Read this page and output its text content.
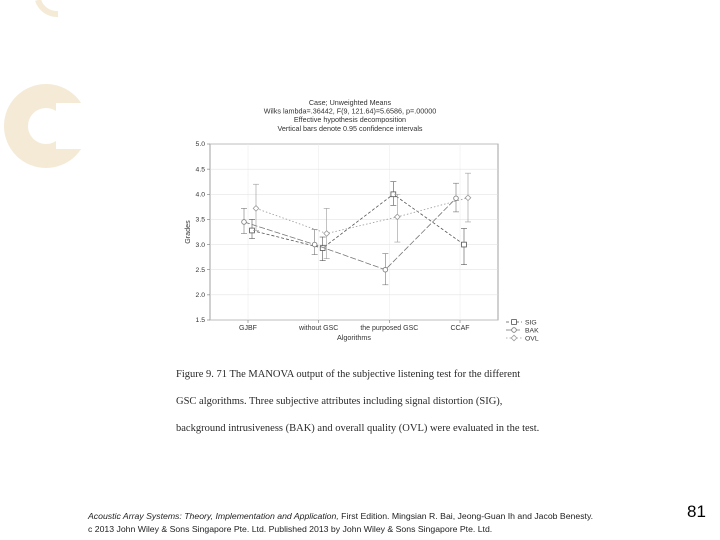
Case; Unweighted Means
Wilks lambda=.36442, F(9, 121.64)=5.6586, p=.00000
Effective hypothesis decomposition
Vertical bars denote 0.95 confidence intervals
1.5
2.0
2.5
3.0
3.5
4.0
4.5
5.0
Grades
GJBF	without GSC	the purposed GSC	CCAF
Algorithms
SIG
BAK
OVL
Figure 9. 71 The MANOVA output of the subjective listening test for the different
GSC algorithms. Three subjective attributes including signal distortion (SIG),
background intrusiveness (BAK) and overall quality (OVL) were evaluated in the test.
Acoustic Array Systems: Theory, Implementation and Application, First Edition. Mingsian R. Bai, Jeong-Guan Ih and Jacob Benesty.
c 2013 John Wiley & Sons Singapore Pte. Ltd. Published 2013 by John Wiley & Sons Singapore Pte. Ltd.
81
